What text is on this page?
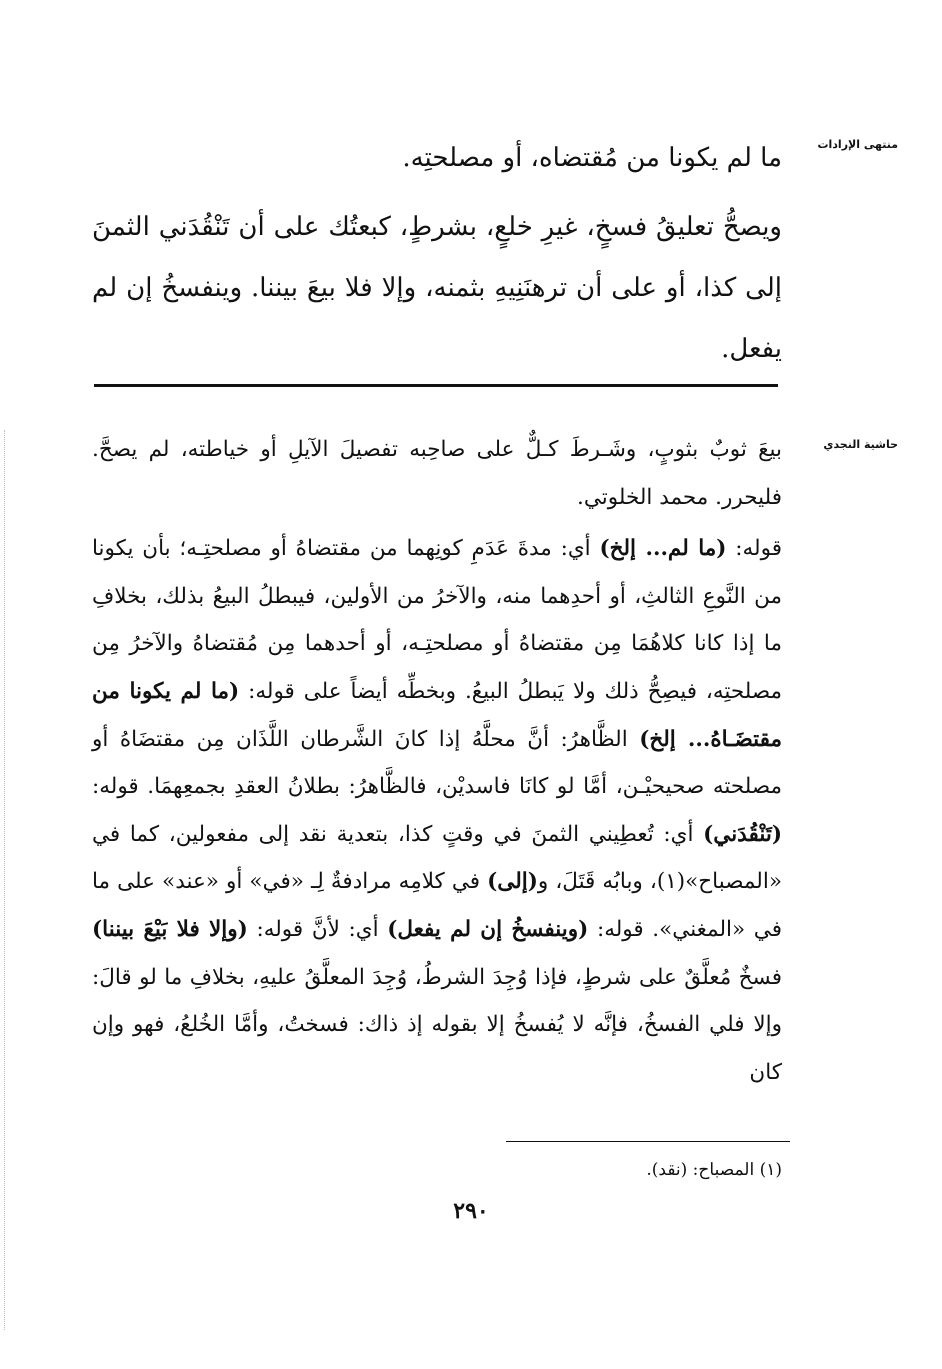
منتهى الإرادات
ما لم يكونا من مُقتضاه، أو مصلحتِه.
ويصحُّ تعليقُ فسخٍ، غيرِ خلعٍ، بشرطٍ، كبعتُك على أن تَنْقُدَني الثمنَ إلى كذا، أو على أن ترهنَنِيهِ بثمنه، وإلا فلا بيعَ بيننا. وينفسخُ إن لم يفعل.
حاشية النجدي
بيعَ ثوبٌ بثوبٍ، وشَـرطَ كـلٌّ على صاحِبه تفصيلَ الآيلِ أو خياطته، لم يصحَّ. فليحرر. محمد الخلوتي.
قوله: (ما لم... إلخ) أي: مدةَ عَدَمِ كونِهما من مقتضاهُ أو مصلحتِـه؛ بأن يكونا من النَّوعِ الثالثِ، أو أحدِهما منه، والآخرُ من الأولين، فيبطلُ البيعُ بذلك، بخلافِ ما إذا كانا كلاهُمَا مِن مقتضاهُ أو مصلحتِـه، أو أحدهما مِن مُقتضاهُ والآخرُ مِن مصلحتِه، فيصِحُّ ذلك ولا يَبطلُ البيعُ. وبخطِّه أيضاً على قوله: (ما لم يكونا من مقتضَـاهُ... إلخ) الظَّاهرُ: أنَّ محلَّهُ إذا كانَ الشَّرطان اللَّذَان مِن مقتضَاهُ أو مصلحته صحيحيْـن، أمَّا لو كانَا فاسديْن، فالظَّاهرُ: بطلانُ العقدِ بجمعِهمَا. قوله: (تَنْقُدَني) أي: تُعطِيني الثمنَ في وقتٍ كذا، بتعدية نقد إلى مفعولين، كما في «المصباح»(١)، وبابُه قَتَلَ، و(إلى) في كلامِه مرادفةٌ لِـ «في» أو «عند» على ما في «المغني». قوله: (وينفسخُ إن لم يفعل) أي: لأنَّ قوله: (وإلا فلا بَيْعَ بيننا) فسخٌ مُعلَّقٌ على شرطٍ، فإذا وُجِدَ الشرطُ، وُجِدَ المعلَّقُ عليهِ، بخلافِ ما لو قالَ: وإلا فلي الفسخُ، فإنَّه لا يُفسخُ إلا بقوله إذ ذاك: فسختُ، وأمَّا الخُلعُ، فهو وإن كان
(١) المصباح: (نقد).
٢٩٠
